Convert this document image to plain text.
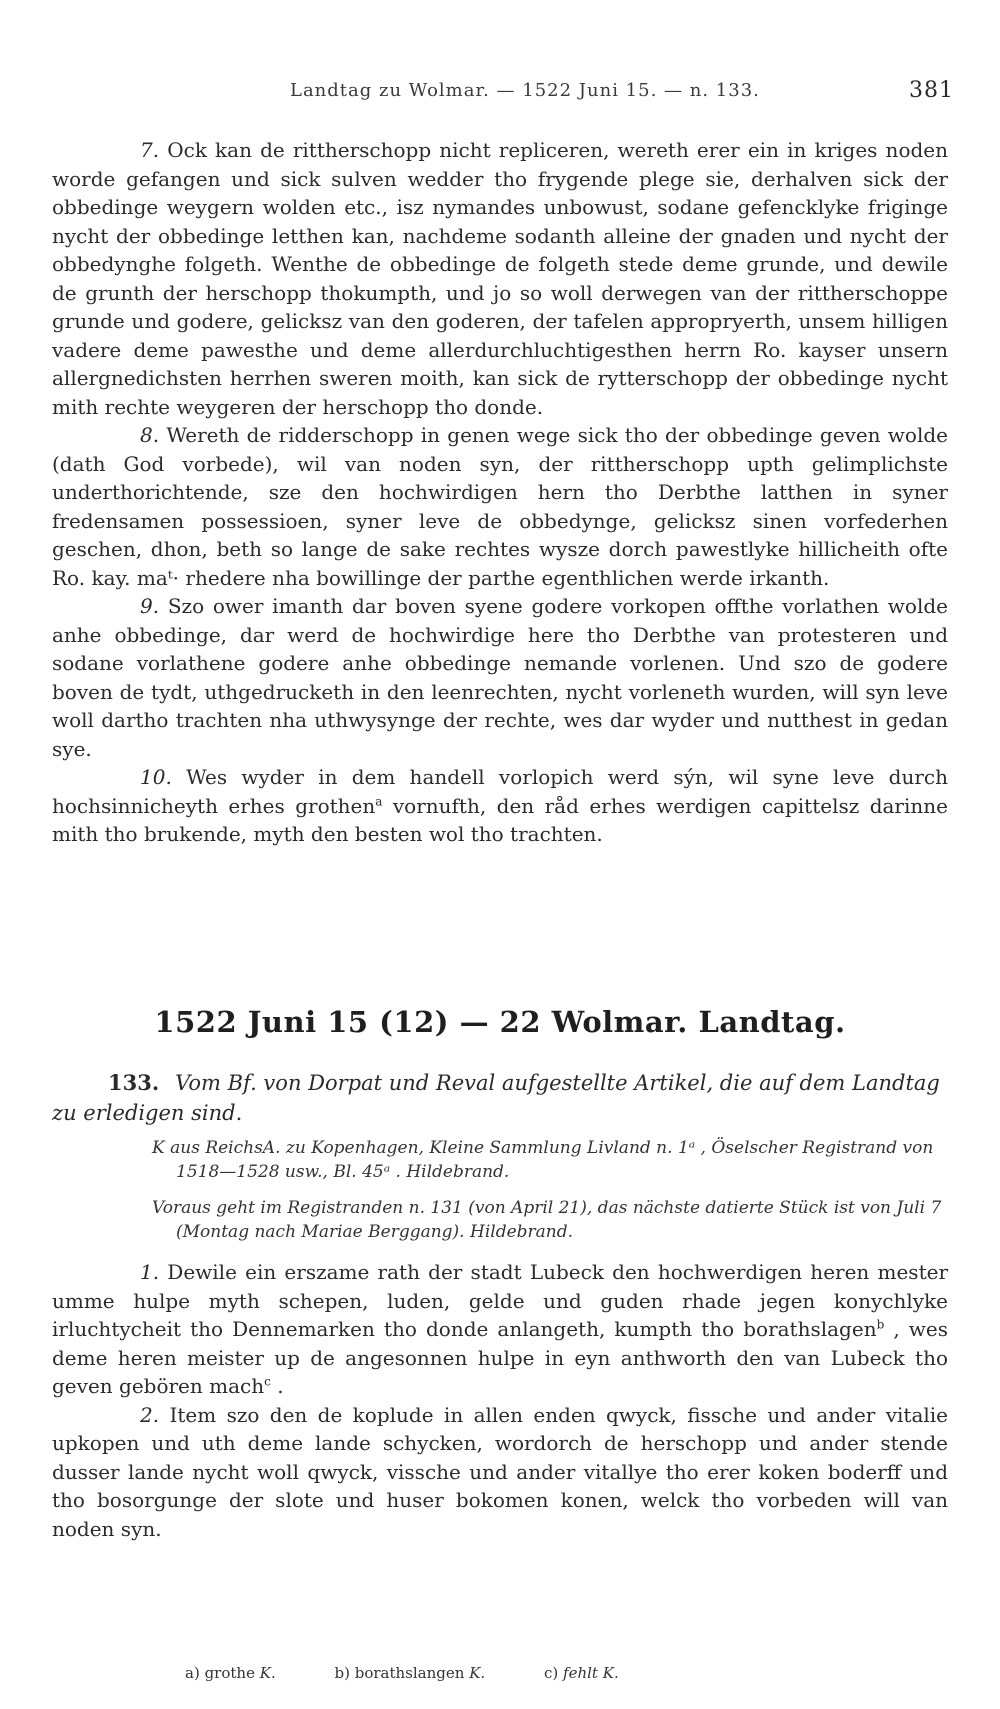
Landtag zu Wolmar. — 1522 Juni 15. — n. 133.	381

7. Ock kan de rittherschopp nicht repliceren, wereth erer ein in kriges noden worde gefangen und sick sulven wedder tho frygende plege sie, derhalven sick der obbedinge weygern wolden etc., isz nymandes unbowust, sodane gefencklyke friginge nycht der obbedinge letthen kan, nachdeme sodanth alleine der gnaden und nycht der obbedynghe folgeth. Wenthe de obbedinge de folgeth stede deme grunde, und dewile de grunth der herschopp thokumpth, und jo so woll derwegen van der rittherschoppe grunde und godere, gelicksz van den goderen, der tafelen appropryerth, unsem hilligen vadere deme pawesthe und deme allerdurchluchtigesthen herrn Ro. kayser unsern allergnedichsten herrhen sweren moith, kan sick de rytterschopp der obbedinge nycht mith rechte weygeren der herschopp tho donde.

8. Wereth de ridderschopp in genen wege sick tho der obbedinge geven wolde (dath God vorbede), wil van noden syn, der rittherschopp upth gelimplichste underthorichtende, sze den hochwirdigen hern tho Derbthe latthen in syner fredensamen possessioen, syner leve de obbedynge, gelicksz sinen vorfederhen geschen, dhon, beth so lange de sake rechtes wysze dorch pawestlyke hillicheith ofte Ro. kay. maᵗ· rhedere nha bowillinge der parthe egenthlichen werde irkanth.

9. Szo ower imanth dar boven syene godere vorkopen offthe vorlathen wolde anhe obbedinge, dar werd de hochwirdige here tho Derbthe van protesteren und sodane vorlathene godere anhe obbedinge nemande vorlenen. Und szo de godere boven de tydt, uthgedrucketh in den leenrechten, nycht vorleneth wurden, will syn leve woll dartho trachten nha uthwysynge der rechte, wes dar wyder und nutthest in gedan sye.

10. Wes wyder in dem handell vorlopich werd sýn, wil syne leve durch hochsinnicheyth erhes grothen$^a$ vornufth, den råd erhes werdigen capittelsz darinne mith tho brukende, myth den besten wol tho trachten.

1522 Juni 15 (12) — 22 Wolmar. Landtag.

133. Vom Bf. von Dorpat und Reval aufgestellte Artikel, die auf dem Landtag zu erledigen sind.

K aus ReichsA. zu Kopenhagen, Kleine Sammlung Livland n. 1ᵃ , Öselscher Registrand von 1518—1528 usw., Bl. 45ᵃ . Hildebrand.

Voraus geht im Registranden n. 131 (von April 21), das nächste datierte Stück ist von Juli 7 (Montag nach Mariae Berggang). Hildebrand.

1. Dewile ein erszame rath der stadt Lubeck den hochwerdigen heren mester umme hulpe myth schepen, luden, gelde und guden rhade jegen konychlyke irluchtycheit tho Dennemarken tho donde anlangeth, kumpth tho borathslagen$^b$ , wes deme heren meister up de angesonnen hulpe in eyn anthworth den van Lubeck tho geven gebören mach$^c$ .

2. Item szo den de koplude in allen enden qwyck, fissche und ander vitalie upkopen und uth deme lande schycken, wordorch de herschopp und ander stende dusser lande nycht woll qwyck, vissche und ander vitallye tho erer koken boderff und tho bosorgunge der slote und huser bokomen konen, welck tho vorbeden will van noden syn.

a) grothe K.	b) borathslangen K.	c) fehlt K.
